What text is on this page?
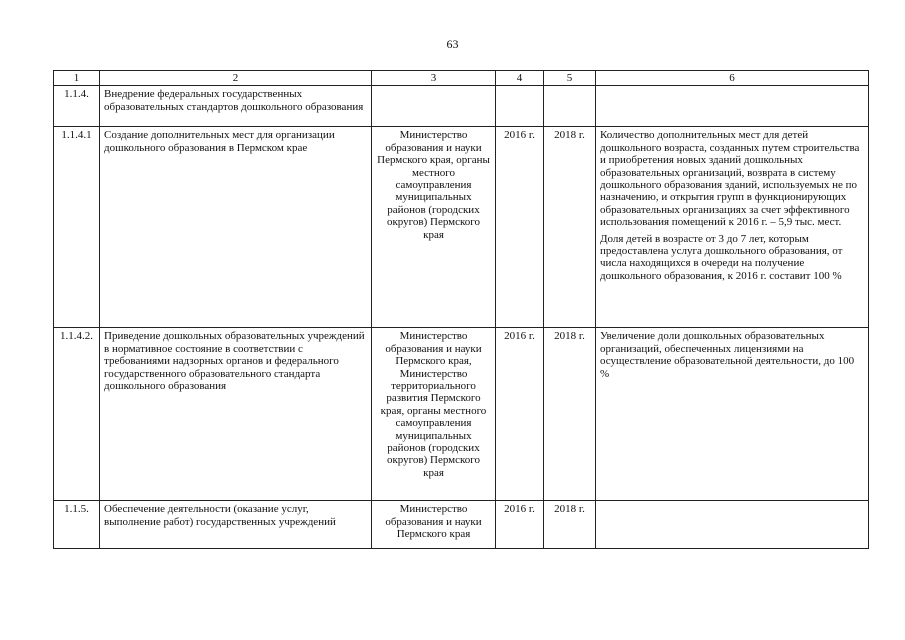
63
1	2	3	4	5	6
1.1.4.	Внедрение федеральных государственных образовательных стандартов дошкольного образования				
1.1.4.1	Создание дополнительных мест для организации дошкольного образования в Пермском крае	Министерство образования и науки Пермского края, органы местного самоуправления муниципальных районов (городских округов) Пермского края	2016 г.	2018 г.	Количество дополнительных мест для детей дошкольного возраста, созданных путем строительства и приобретения новых зданий дошкольных образовательных организаций, возврата в систему дошкольного образования зданий, используемых не по назначению, и открытия групп в функционирующих образовательных организациях за счет эффективного использования помещений к 2016 г. – 5,9 тыс. мест.
Доля детей в возрасте от 3 до 7 лет, которым предоставлена услуга дошкольного образования, от числа находящихся в очереди на получение дошкольного образования, к 2016 г. составит 100 %

1.1.4.2.	Приведение дошкольных образовательных учреждений в нормативное состояние в соответствии с требованиями надзорных органов и федерального государственного образовательного стандарта дошкольного образования	Министерство образования и науки Пермского края, Министерство территориального развития Пермского края, органы местного самоуправления муниципальных районов (городских округов) Пермского края	2016 г.	2018 г.	Увеличение доли дошкольных образовательных организаций, обеспеченных лицензиями на осуществление образовательной деятельности, до 100 %

1.1.5.	Обеспечение деятельности (оказание услуг, выполнение работ) государственных учреждений	Министерство образования и науки Пермского края	2016 г.	2018 г.	
